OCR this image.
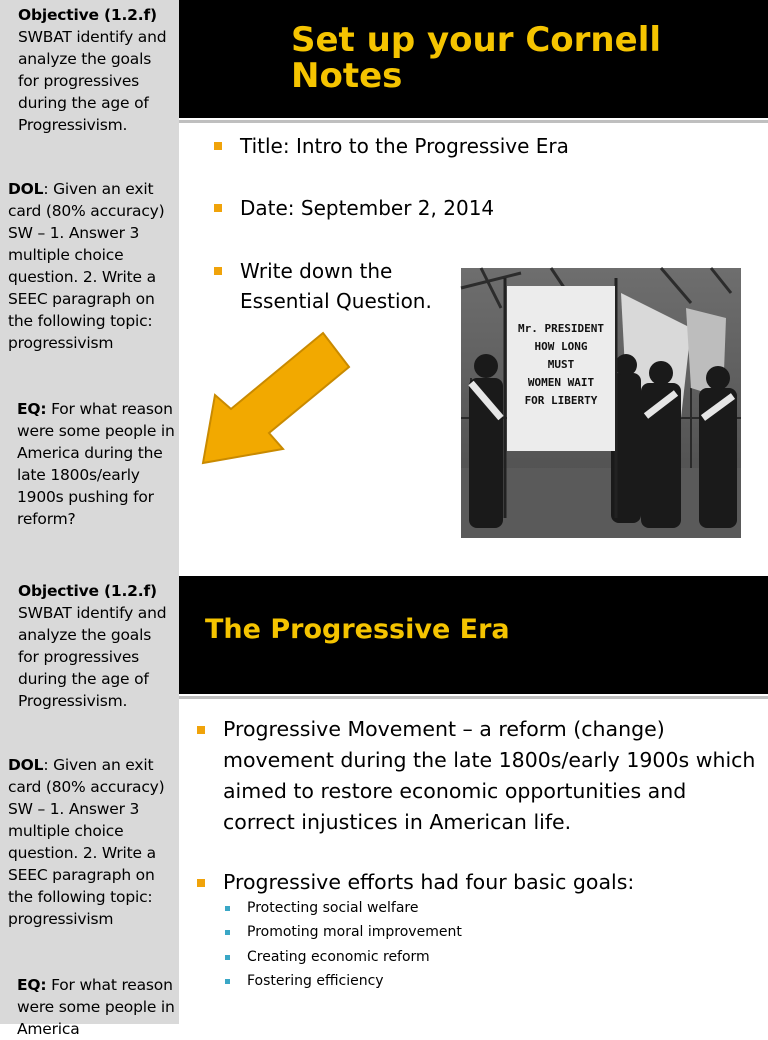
Objective (1.2.f)
SWBAT identify and analyze the goals for progressives during the age of Progressivism.
DOL: Given an exit card (80% accuracy) SW – 1. Answer 3 multiple choice question. 2. Write a SEEC paragraph on the following topic: progressivism
EQ: For what reason were some people in America during the late 1800s/early 1900s pushing for reform?
Set up your Cornell
Notes
Title: Intro to the Progressive Era
Date: September 2, 2014
Write down the
Essential Question.
Mr. PRESIDENT
HOW LONG
MUST
WOMEN WAIT
FOR LIBERTY
Objective (1.2.f)
SWBAT identify and analyze the goals for progressives during the age of Progressivism.
DOL: Given an exit card (80% accuracy) SW – 1. Answer 3 multiple choice question. 2. Write a SEEC paragraph on the following topic: progressivism
EQ: For what reason were some people in America
The Progressive Era
Progressive Movement – a reform (change) movement during the late 1800s/early 1900s which aimed to restore economic opportunities and correct injustices in American life.
Progressive efforts had four basic goals:
Protecting social welfare
Promoting moral improvement
Creating economic reform
Fostering efficiency
